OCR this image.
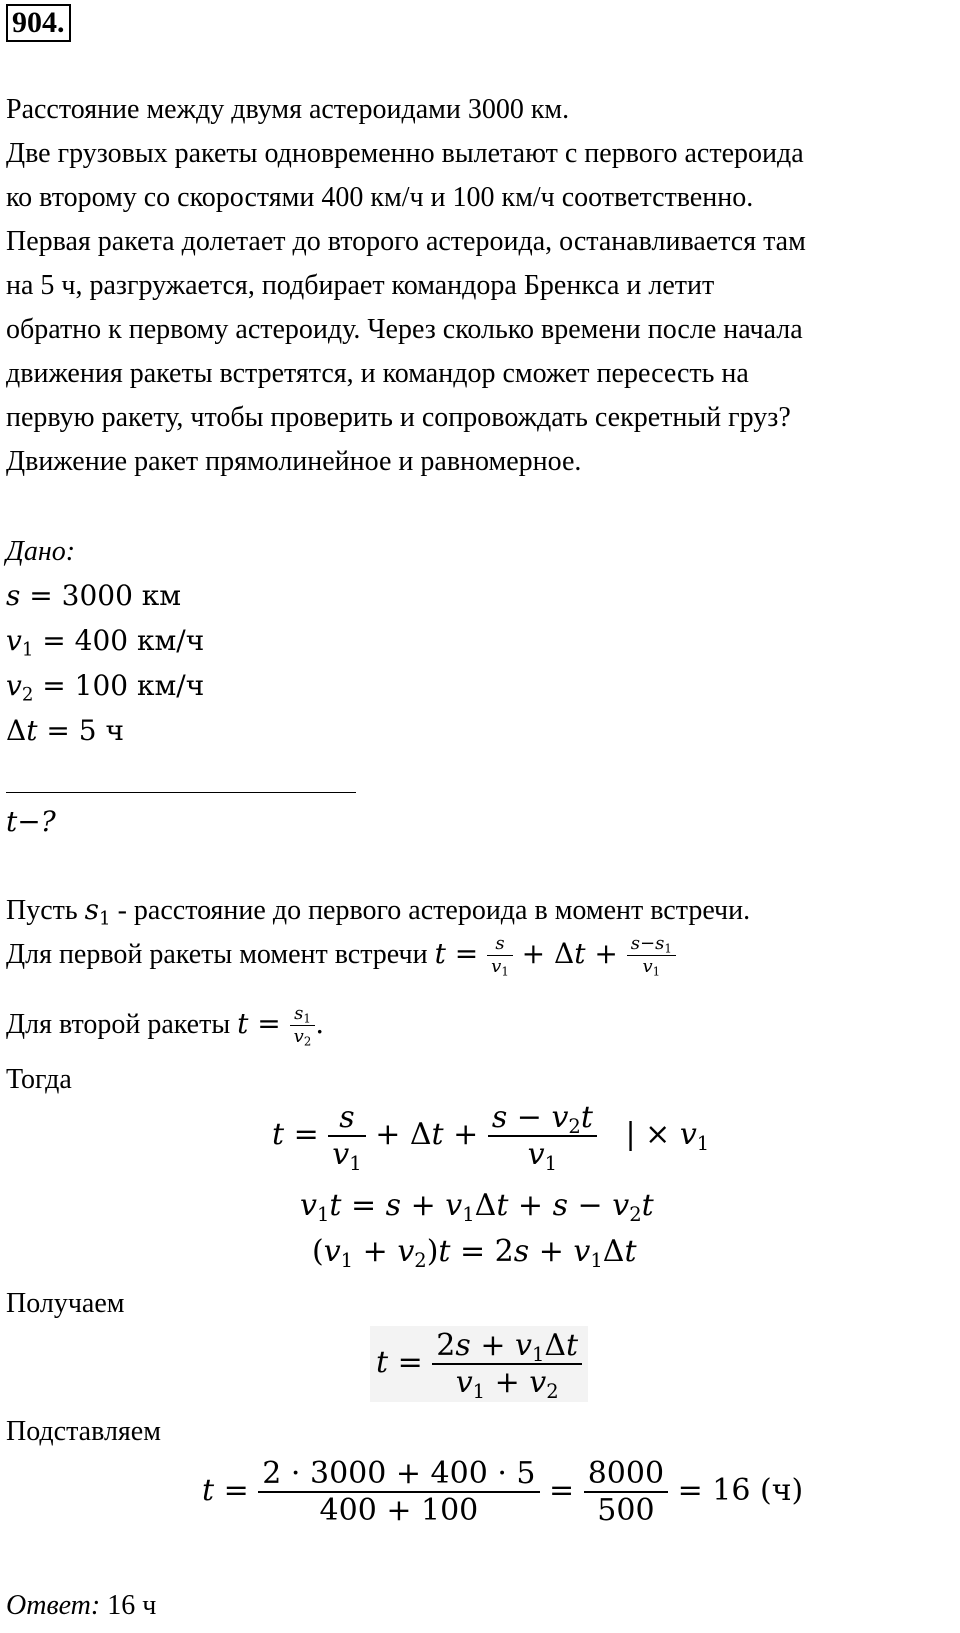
904.
Расстояние между двумя астероидами 3000 км.
Две грузовых ракеты одновременно вылетают с первого астероида
ко второму со скоростями 400 км/ч и 100 км/ч соответственно.
Первая ракета долетает до второго астероида, останавливается там
на 5 ч, разгружается, подбирает командора Бренкса и летит
обратно к первому астероиду. Через сколько времени после начала
движения ракеты встретятся, и командор сможет пересесть на
первую ракету, чтобы проверить и сопровождать секретный груз?
Движение ракет прямолинейное и равномерное.
Дано:
s = 3000 км
$v_1 = 400$ км/ч
$v_2 = 100$ км/ч
Δt = 5 ч
t−?
Пусть $s_1$ - расстояние до первого астероида в момент встречи.
Для первой ракеты момент встречи $t = \frac{s}{v_1} + \Delta t + \frac{s-s_1}{v_1}$
Для второй ракеты $t = \frac{s_1}{v_2}$ .
Тогда
$t = \frac{s}{v_1} + \Delta t + \frac{s - v_2t}{v_1}$ | × $v_1$
$v_1t = s + v_1\Delta t + s - v_2t$
$(v_1 + v_2)t = 2s + v_1\Delta t$
Получаем
$t = \frac{2s + v_1\Delta t}{v_1 + v_2}$
Подставляем
$t = \frac{2 \cdot 3000 + 400 \cdot 5}{400 + 100} = \frac{8000}{500} = 16$ (ч)
Ответ: 16 ч
